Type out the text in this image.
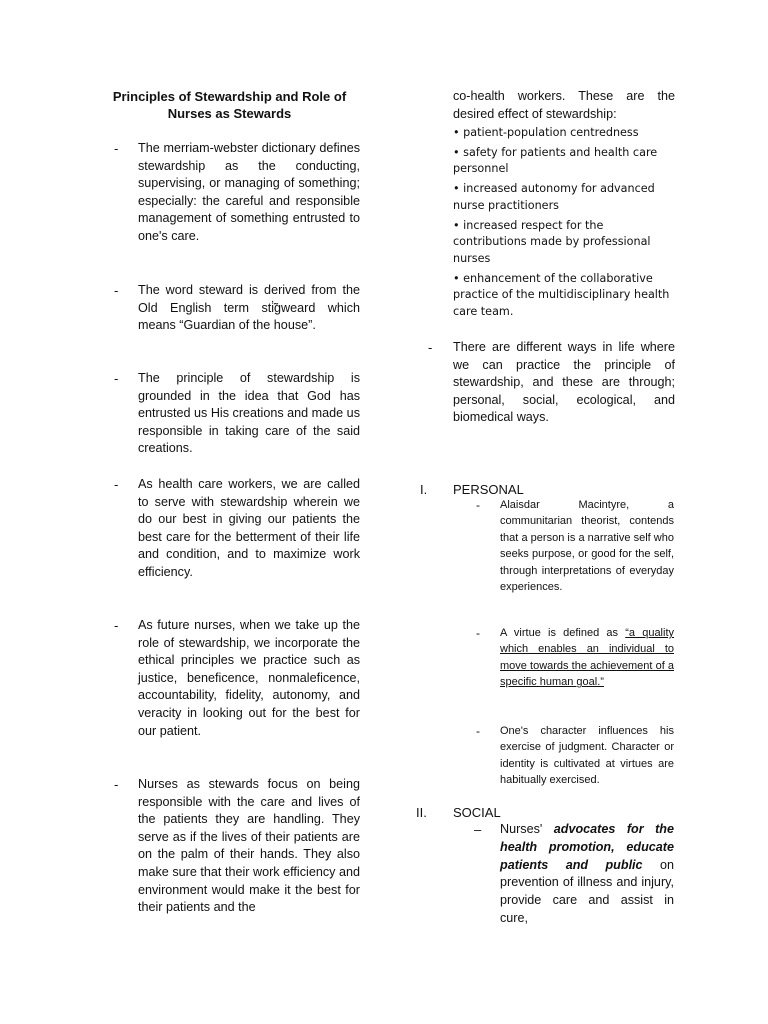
Principles of Stewardship and Role of Nurses as Stewards
- The merriam-webster dictionary defines stewardship as the conducting, supervising, or managing of something; especially: the careful and responsible management of something entrusted to one's care.
- The word steward is derived from the Old English term sti̇̃gweard which means “Guardian of the house”.
- The principle of stewardship is grounded in the idea that God has entrusted us His creations and made us responsible in taking care of the said creations.
- As health care workers, we are called to serve with stewardship wherein we do our best in giving our patients the best care for the betterment of their life and condition, and to maximize work efficiency.
- As future nurses, when we take up the role of stewardship, we incorporate the ethical principles we practice such as justice, beneficence, nonmaleficence, accountability, fidelity, autonomy, and veracity in looking out for the best for our patient.
- Nurses as stewards focus on being responsible with the care and lives of the patients they are handling. They serve as if the lives of their patients are on the palm of their hands. They also make sure that their work efficiency and environment would make it the best for their patients and the
co-health workers. These are the desired effect of stewardship:
• patient-population centredness
• safety for patients and health care personnel
• increased autonomy for advanced nurse practitioners
• increased respect for the contributions made by professional nurses
• enhancement of the collaborative practice of the multidisciplinary health care team.
- There are different ways in life where we can practice the principle of stewardship, and these are through; personal, social, ecological, and biomedical ways.
I. PERSONAL
- Alaisdar Macintyre, a communitarian theorist, contends that a person is a narrative self who seeks purpose, or good for the self, through interpretations of everyday experiences.
- A virtue is defined as “a quality which enables an individual to move towards the achievement of a specific human goal.”
- One's character influences his exercise of judgment. Character or identity is cultivated at virtues are habitually exercised.
II. SOCIAL
– Nurses' advocates for the health promotion, educate patients and public on prevention of illness and injury, provide care and assist in cure,
